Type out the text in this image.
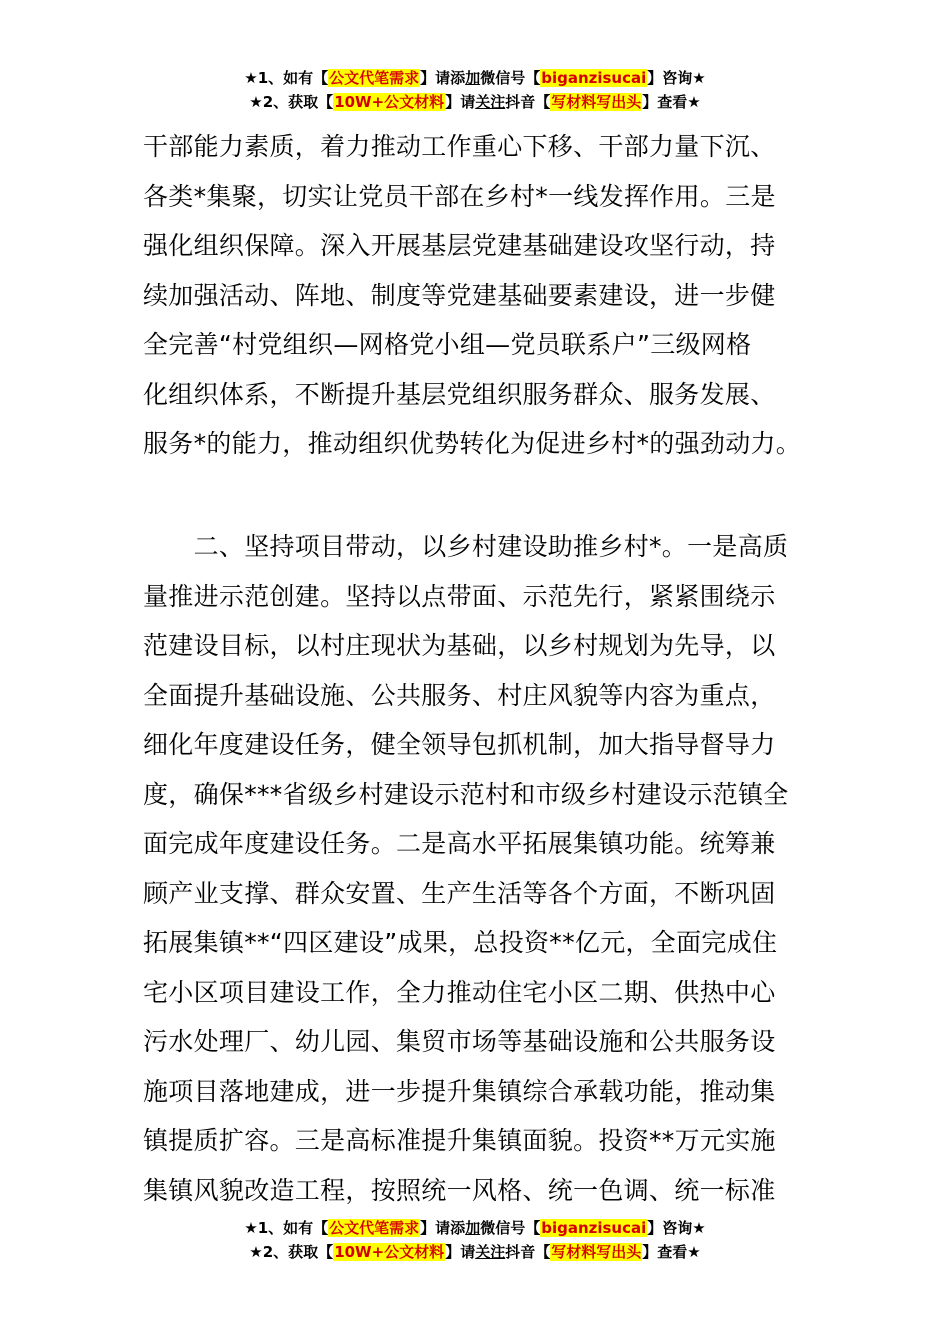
★1、如有【公文代笔需求】请添加微信号【biganzisucai】咨询★
★2、获取【10W+公文材料】请关注抖音【写材料写出头】查看★
干部能力素质，着力推动工作重心下移、干部力量下沉、
各类*集聚，切实让党员干部在乡村*一线发挥作用。三是
强化组织保障。深入开展基层党建基础建设攻坚行动，持
续加强活动、阵地、制度等党建基础要素建设，进一步健
全完善“村党组织—网格党小组—党员联系户”三级网格
化组织体系，不断提升基层党组织服务群众、服务发展、
服务*的能力，推动组织优势转化为促进乡村*的强劲动力。
　　二、坚持项目带动，以乡村建设助推乡村*。一是高质
量推进示范创建。坚持以点带面、示范先行，紧紧围绕示
范建设目标，以村庄现状为基础，以乡村规划为先导，以
全面提升基础设施、公共服务、村庄风貌等内容为重点，
细化年度建设任务，健全领导包抓机制，加大指导督导力
度，确保***省级乡村建设示范村和市级乡村建设示范镇全
面完成年度建设任务。二是高水平拓展集镇功能。统筹兼
顾产业支撑、群众安置、生产生活等各个方面，不断巩固
拓展集镇**“四区建设”成果，总投资**亿元，全面完成住
宅小区项目建设工作，全力推动住宅小区二期、供热中心
污水处理厂、幼儿园、集贸市场等基础设施和公共服务设
施项目落地建成，进一步提升集镇综合承载功能，推动集
镇提质扩容。三是高标准提升集镇面貌。投资**万元实施
集镇风貌改造工程，按照统一风格、统一色调、统一标准
★1、如有【公文代笔需求】请添加微信号【biganzisucai】咨询★
★2、获取【10W+公文材料】请关注抖音【写材料写出头】查看★
